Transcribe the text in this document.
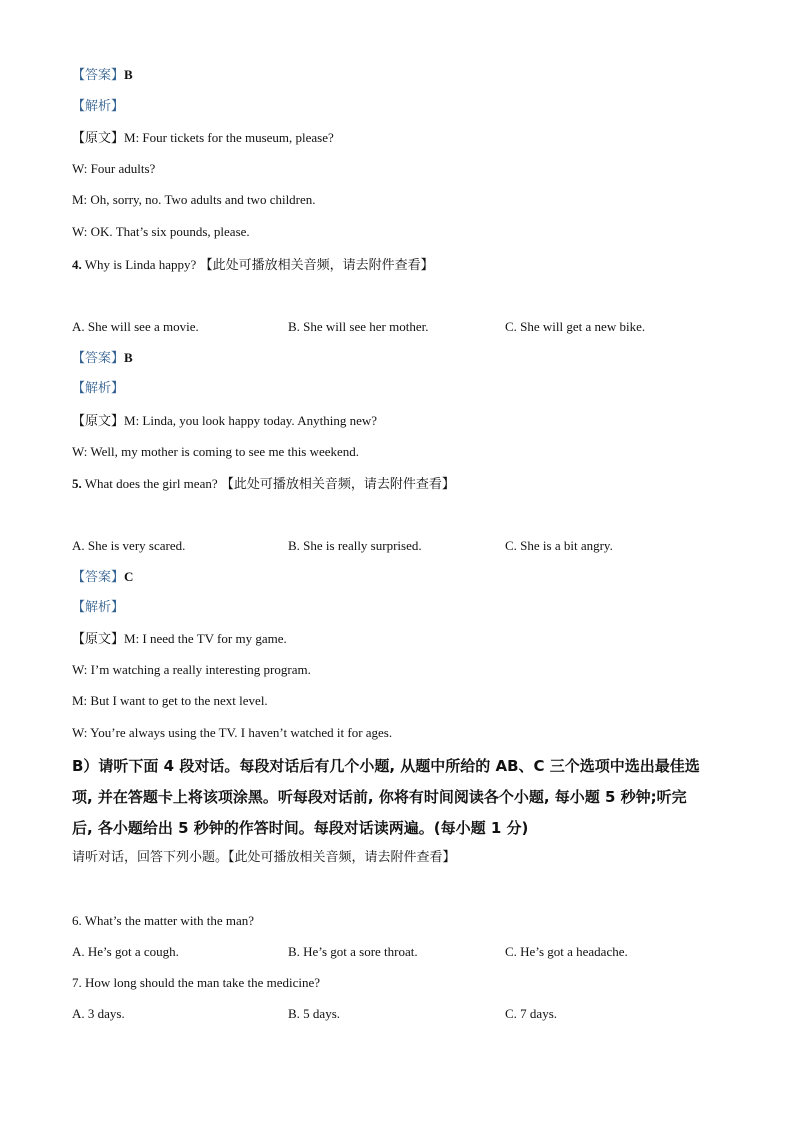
【答案】B
【解析】
【原文】M: Four tickets for the museum, please?
W: Four adults?
M: Oh, sorry, no. Two adults and two children.
W: OK. That’s six pounds, please.
4. Why is Linda happy? 【此处可播放相关音频，请去附件查看】
A. She will see a movie.	B. She will see her mother.	C. She will get a new bike.
【答案】B
【解析】
【原文】M: Linda, you look happy today. Anything new?
W: Well, my mother is coming to see me this weekend.
5. What does the girl mean? 【此处可播放相关音频，请去附件查看】
A. She is very scared.	B. She is really surprised.	C. She is a bit angry.
【答案】C
【解析】
【原文】M: I need the TV for my game.
W: I’m watching a really interesting program.
M: But I want to get to the next level.
W: You’re always using the TV. I haven’t watched it for ages.
B）请听下面 4 段对话。每段对话后有几个小题, 从题中所给的 AB、C 三个选项中选出最佳选
项, 并在答题卡上将该项涂黑。听每段对话前, 你将有时间阅读各个小题, 每小题 5 秒钟;听完
后, 各小题给出 5 秒钟的作答时间。每段对话读两遍。(每小题 1 分)
请听对话，回答下列小题。【此处可播放相关音频，请去附件查看】
6. What’s the matter with the man?
A. He’s got a cough.	B. He’s got a sore throat.	C. He’s got a headache.
7. How long should the man take the medicine?
A. 3 days.	B. 5 days.	C. 7 days.
